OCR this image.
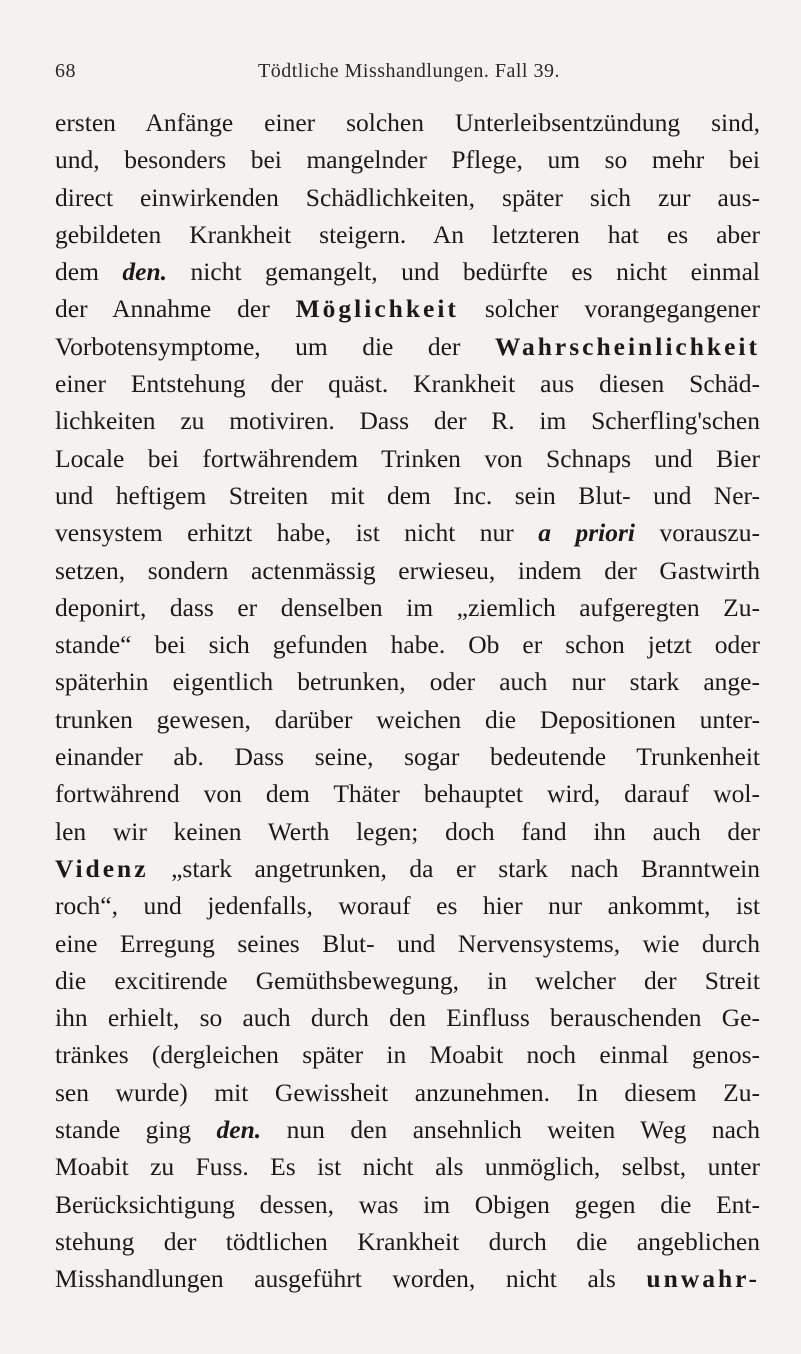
68	Tödtliche Misshandlungen. Fall 39.
ersten Anfänge einer solchen Unterleibsentzündung sind,
und, besonders bei mangelnder Pflege, um so mehr bei
direct einwirkenden Schädlichkeiten, später sich zur aus-
gebildeten Krankheit steigern. An letzteren hat es aber
dem den. nicht gemangelt, und bedürfte es nicht einmal
der Annahme der Möglichkeit solcher vorangegangener
Vorbotensymptome, um die der Wahrscheinlichkeit
einer Entstehung der quäst. Krankheit aus diesen Schäd-
lichkeiten zu motiviren. Dass der R. im Scherfling'schen
Locale bei fortwährendem Trinken von Schnaps und Bier
und heftigem Streiten mit dem Inc. sein Blut- und Ner-
vensystem erhitzt habe, ist nicht nur a priori vorauszu-
setzen, sondern actenmässig erwieseu, indem der Gastwirth
deponirt, dass er denselben im „ziemlich aufgeregten Zu-
stande“ bei sich gefunden habe. Ob er schon jetzt oder
späterhin eigentlich betrunken, oder auch nur stark ange-
trunken gewesen, darüber weichen die Depositionen unter-
einander ab. Dass seine, sogar bedeutende Trunkenheit
fortwährend von dem Thäter behauptet wird, darauf wol-
len wir keinen Werth legen; doch fand ihn auch der
Videnz „stark angetrunken, da er stark nach Branntwein
roch“, und jedenfalls, worauf es hier nur ankommt, ist
eine Erregung seines Blut- und Nervensystems, wie durch
die excitirende Gemüthsbewegung, in welcher der Streit
ihn erhielt, so auch durch den Einfluss berauschenden Ge-
tränkes (dergleichen später in Moabit noch einmal genos-
sen wurde) mit Gewissheit anzunehmen. In diesem Zu-
stande ging den. nun den ansehnlich weiten Weg nach
Moabit zu Fuss. Es ist nicht als unmöglich, selbst, unter
Berücksichtigung dessen, was im Obigen gegen die Ent-
stehung der tödtlichen Krankheit durch die angeblichen
Misshandlungen ausgeführt worden, nicht als unwahr-
